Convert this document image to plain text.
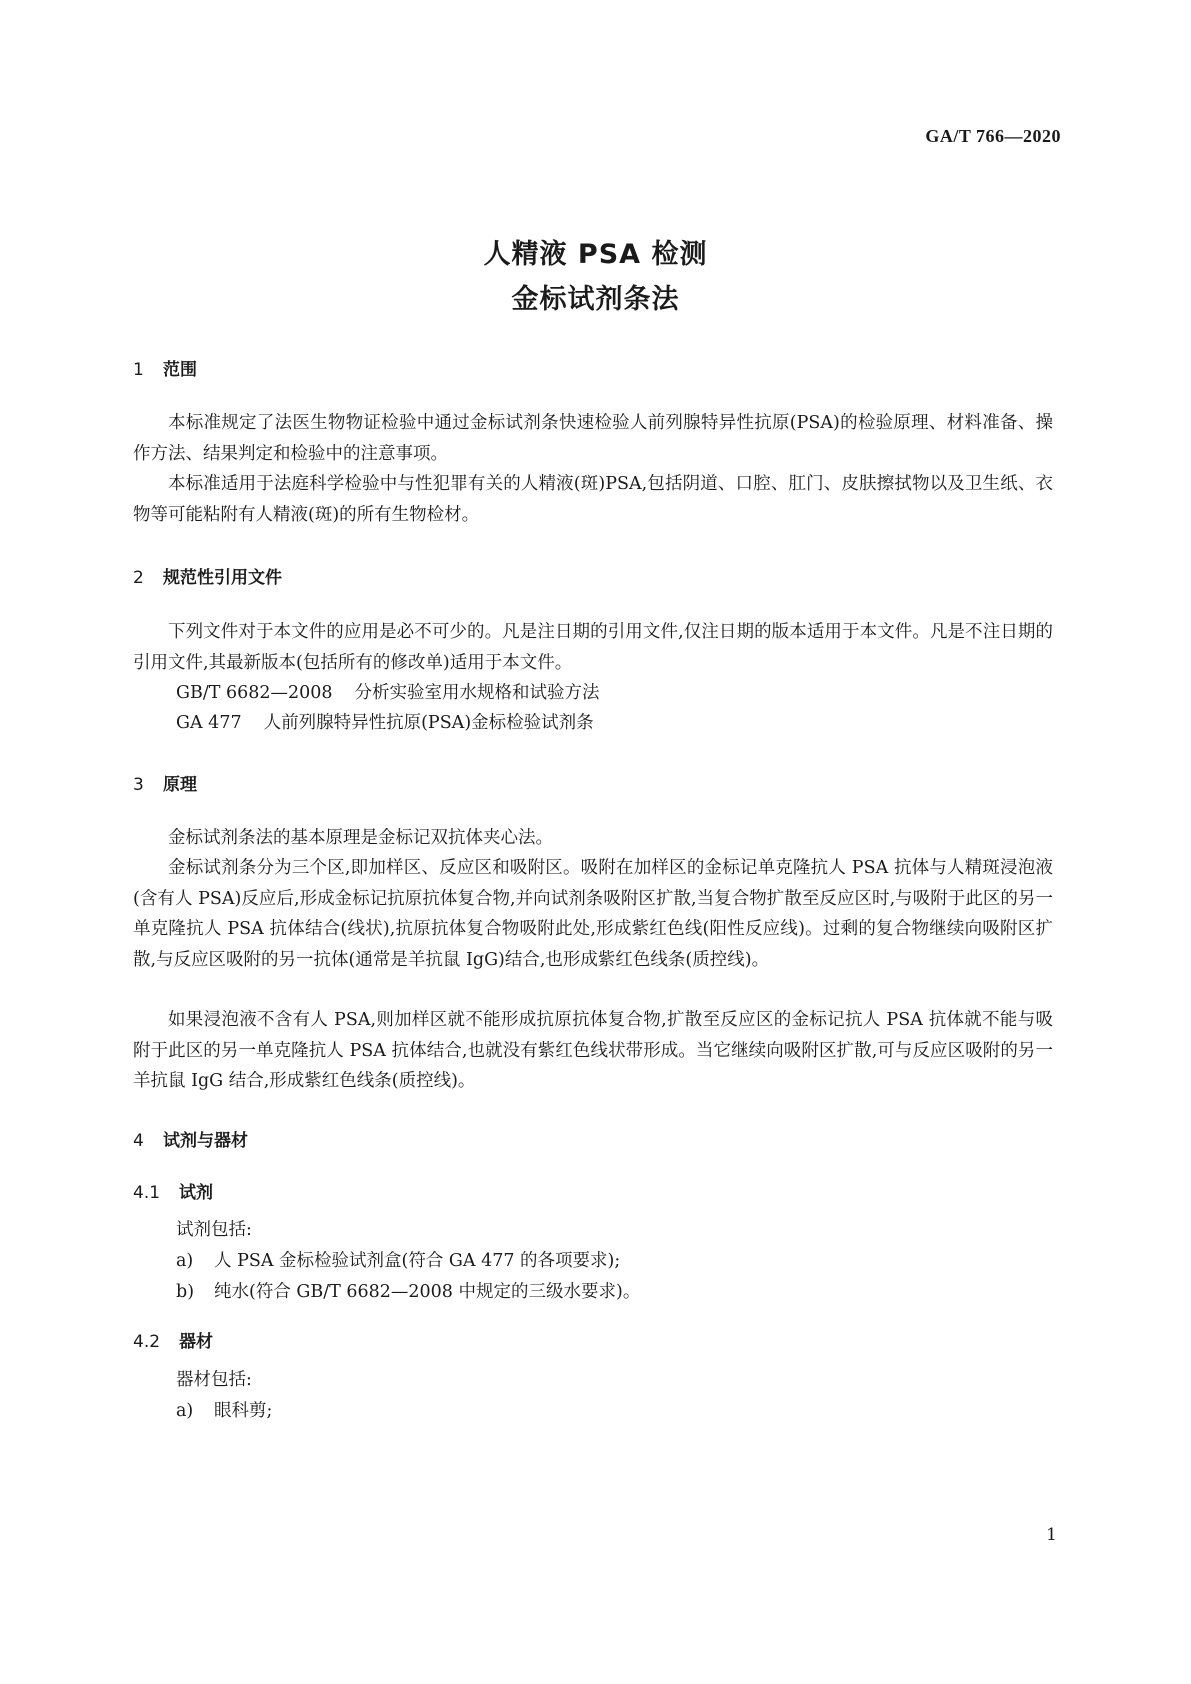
GA/T 766—2020
人精液 PSA 检测
金标试剂条法
1 范围

本标准规定了法医生物物证检验中通过金标试剂条快速检验人前列腺特异性抗原(PSA)的检验原理、材料准备、操作方法、结果判定和检验中的注意事项。

本标准适用于法庭科学检验中与性犯罪有关的人精液(斑)PSA,包括阴道、口腔、肛门、皮肤擦拭物以及卫生纸、衣物等可能粘附有人精液(斑)的所有生物检材。

2 规范性引用文件

下列文件对于本文件的应用是必不可少的。凡是注日期的引用文件,仅注日期的版本适用于本文件。凡是不注日期的引用文件,其最新版本(包括所有的修改单)适用于本文件。

GB/T 6682—2008 分析实验室用水规格和试验方法
GA 477 人前列腺特异性抗原(PSA)金标检验试剂条
3 原理

金标试剂条法的基本原理是金标记双抗体夹心法。

金标试剂条分为三个区,即加样区、反应区和吸附区。吸附在加样区的金标记单克隆抗人 PSA 抗体与人精斑浸泡液(含有人 PSA)反应后,形成金标记抗原抗体复合物,并向试剂条吸附区扩散,当复合物扩散至反应区时,与吸附于此区的另一单克隆抗人 PSA 抗体结合(线状),抗原抗体复合物吸附此处,形成紫红色线(阳性反应线)。过剩的复合物继续向吸附区扩散,与反应区吸附的另一抗体(通常是羊抗鼠 IgG)结合,也形成紫红色线条(质控线)。

如果浸泡液不含有人 PSA,则加样区就不能形成抗原抗体复合物,扩散至反应区的金标记抗人 PSA 抗体就不能与吸附于此区的另一单克隆抗人 PSA 抗体结合,也就没有紫红色线状带形成。当它继续向吸附区扩散,可与反应区吸附的另一羊抗鼠 IgG 结合,形成紫红色线条(质控线)。

4 试剂与器材
4.1 试剂
试剂包括:
a) 人 PSA 金标检验试剂盒(符合 GA 477 的各项要求);
b) 纯水(符合 GB/T 6682—2008 中规定的三级水要求)。
4.2 器材
器材包括:
a) 眼科剪;
1
